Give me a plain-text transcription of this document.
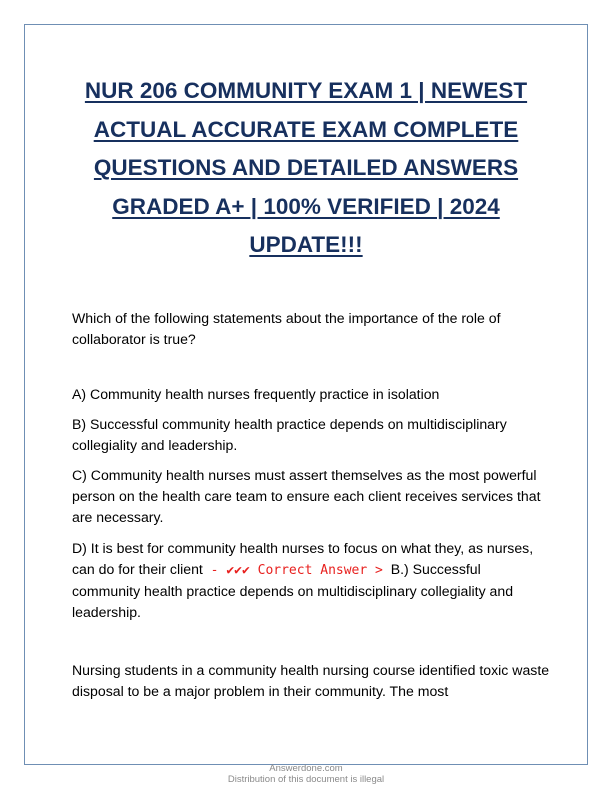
NUR 206 COMMUNITY EXAM 1 | NEWEST ACTUAL ACCURATE EXAM COMPLETE QUESTIONS AND DETAILED ANSWERS GRADED A+ | 100% VERIFIED | 2024 UPDATE!!!
Which of the following statements about the importance of the role of collaborator is true?
A) Community health nurses frequently practice in isolation
B) Successful community health practice depends on multidisciplinary collegiality and leadership.
C) Community health nurses must assert themselves as the most powerful person on the health care team to ensure each client receives services that are necessary.
D) It is best for community health nurses to focus on what they, as nurses, can do for their client - ✔✔✔ Correct Answer > B.) Successful community health practice depends on multidisciplinary collegiality and leadership.
Nursing students in a community health nursing course identified toxic waste disposal to be a major problem in their community. The most
Answerdone.com
Distribution of this document is illegal
